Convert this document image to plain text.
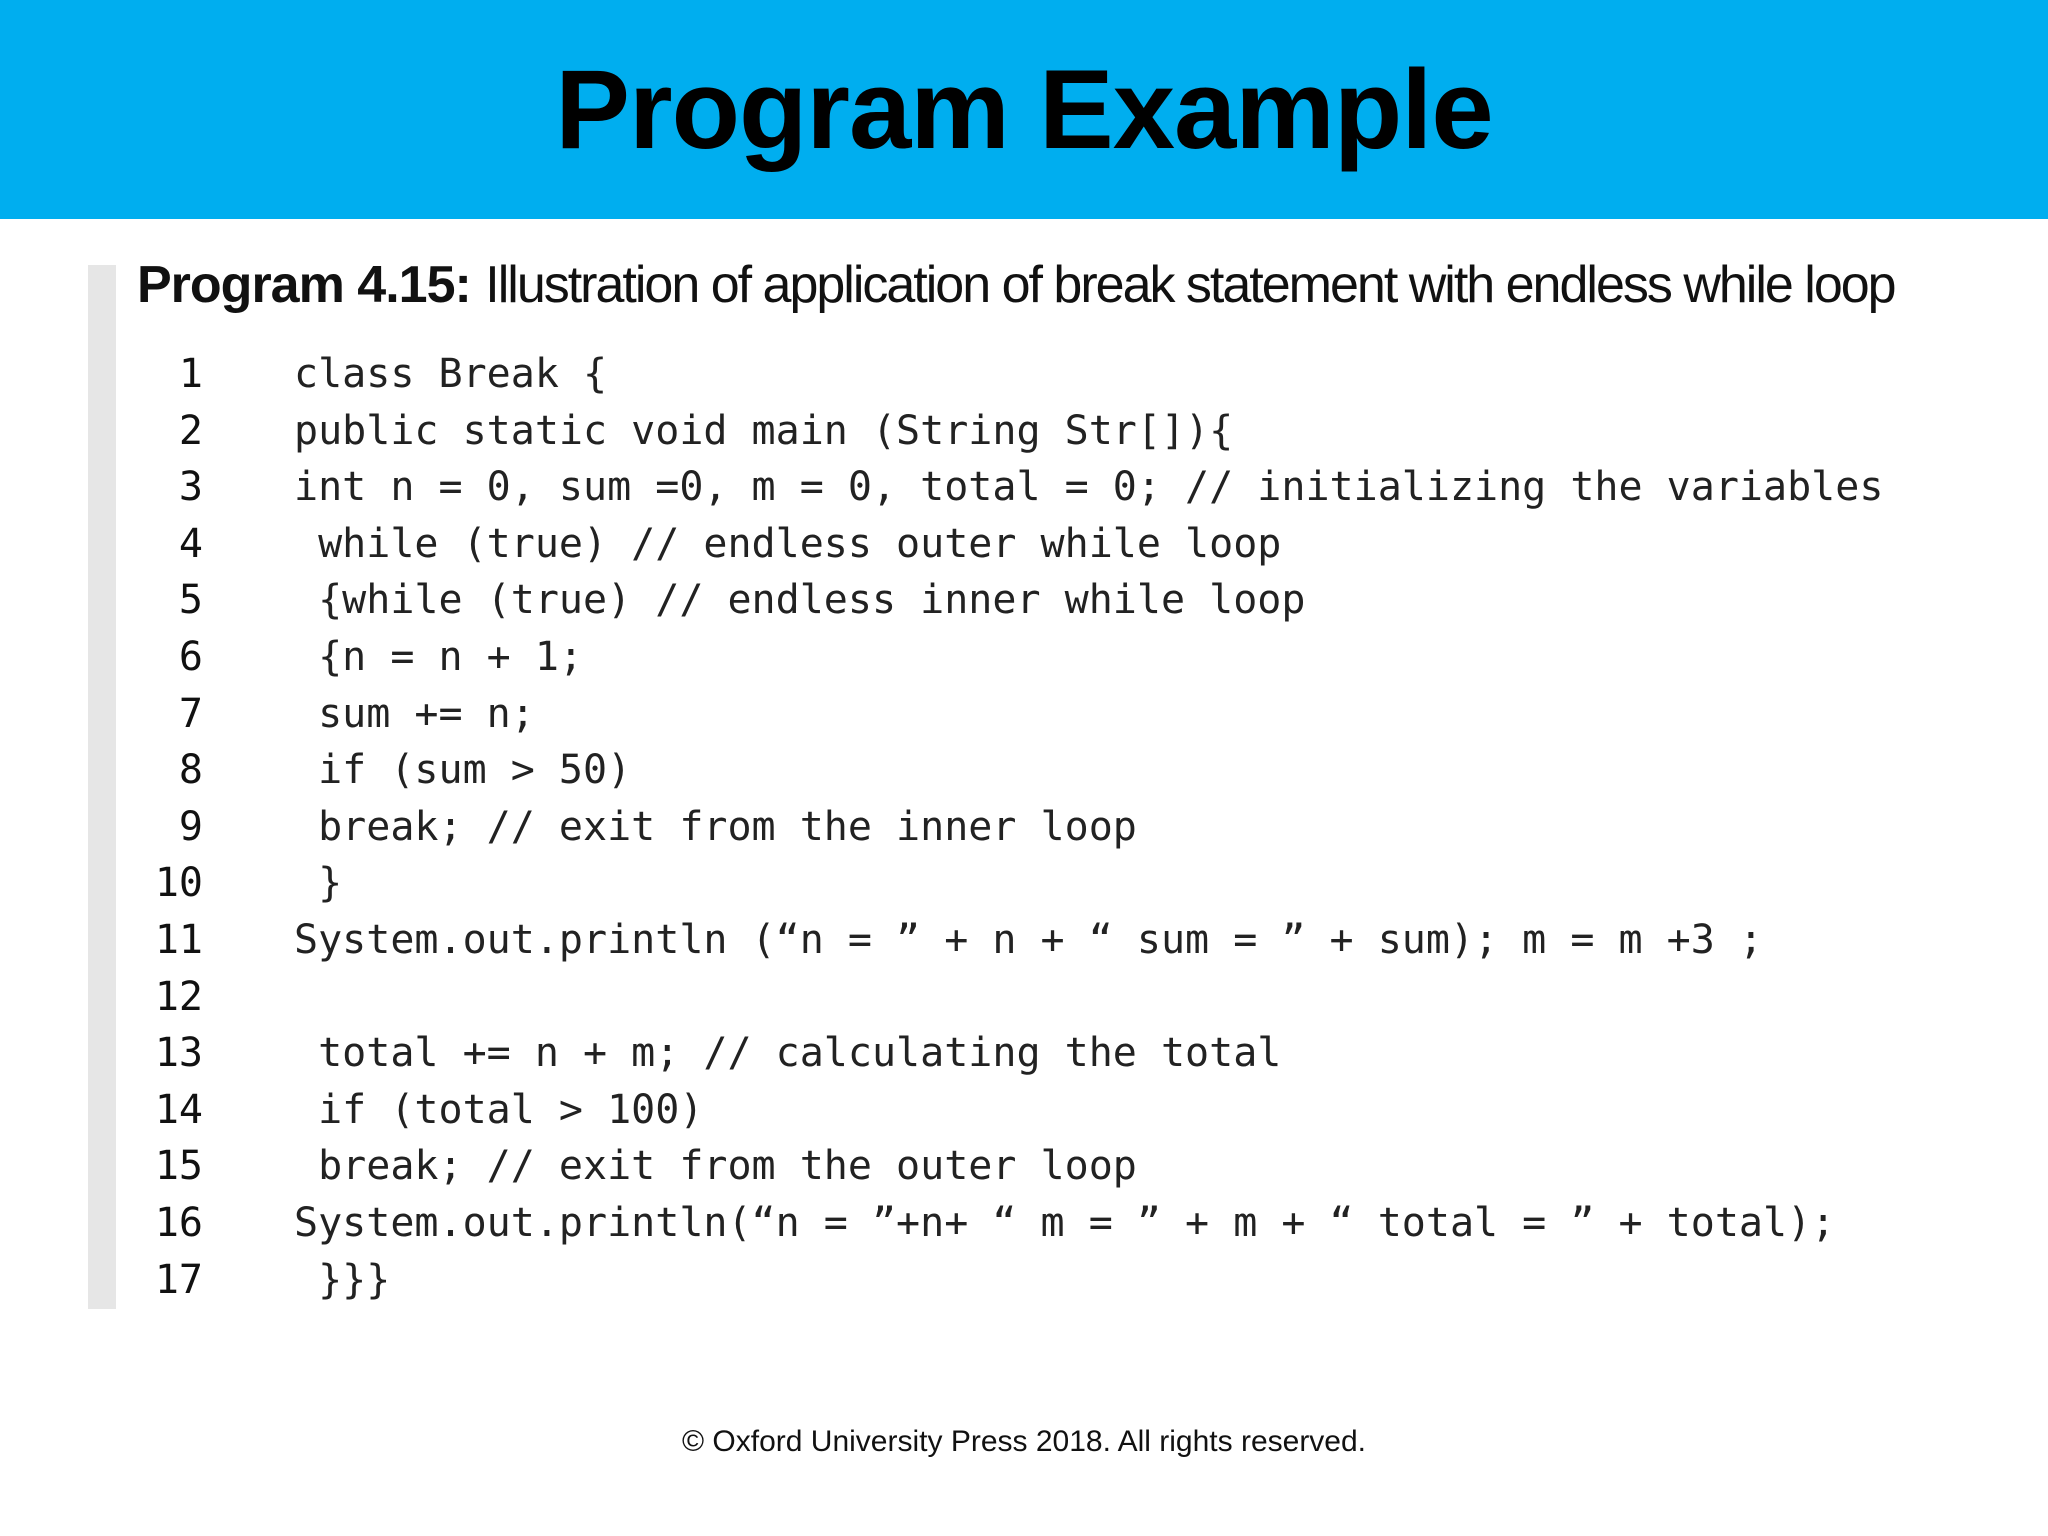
Program Example
Program 4.15: Illustration of application of break statement with endless while loop
1 class Break {
2 public static void main (String Str[]){
3 int n = 0, sum =0, m = 0, total = 0; // initializing the variables
4 while (true) // endless outer while loop
5 {while (true) // endless inner while loop
6 {n = n + 1;
7 sum += n;
8 if (sum > 50)
9 break; // exit from the inner loop
10 }
11 System.out.println (“n = ” + n + “ sum = ” + sum); m = m +3 ;
12
13 total += n + m; // calculating the total
14 if (total > 100)
15 break; // exit from the outer loop
16 System.out.println(“n = ”+n+ “ m = ” + m + “ total = ” + total);
17 }}}
© Oxford University Press 2018. All rights reserved.
